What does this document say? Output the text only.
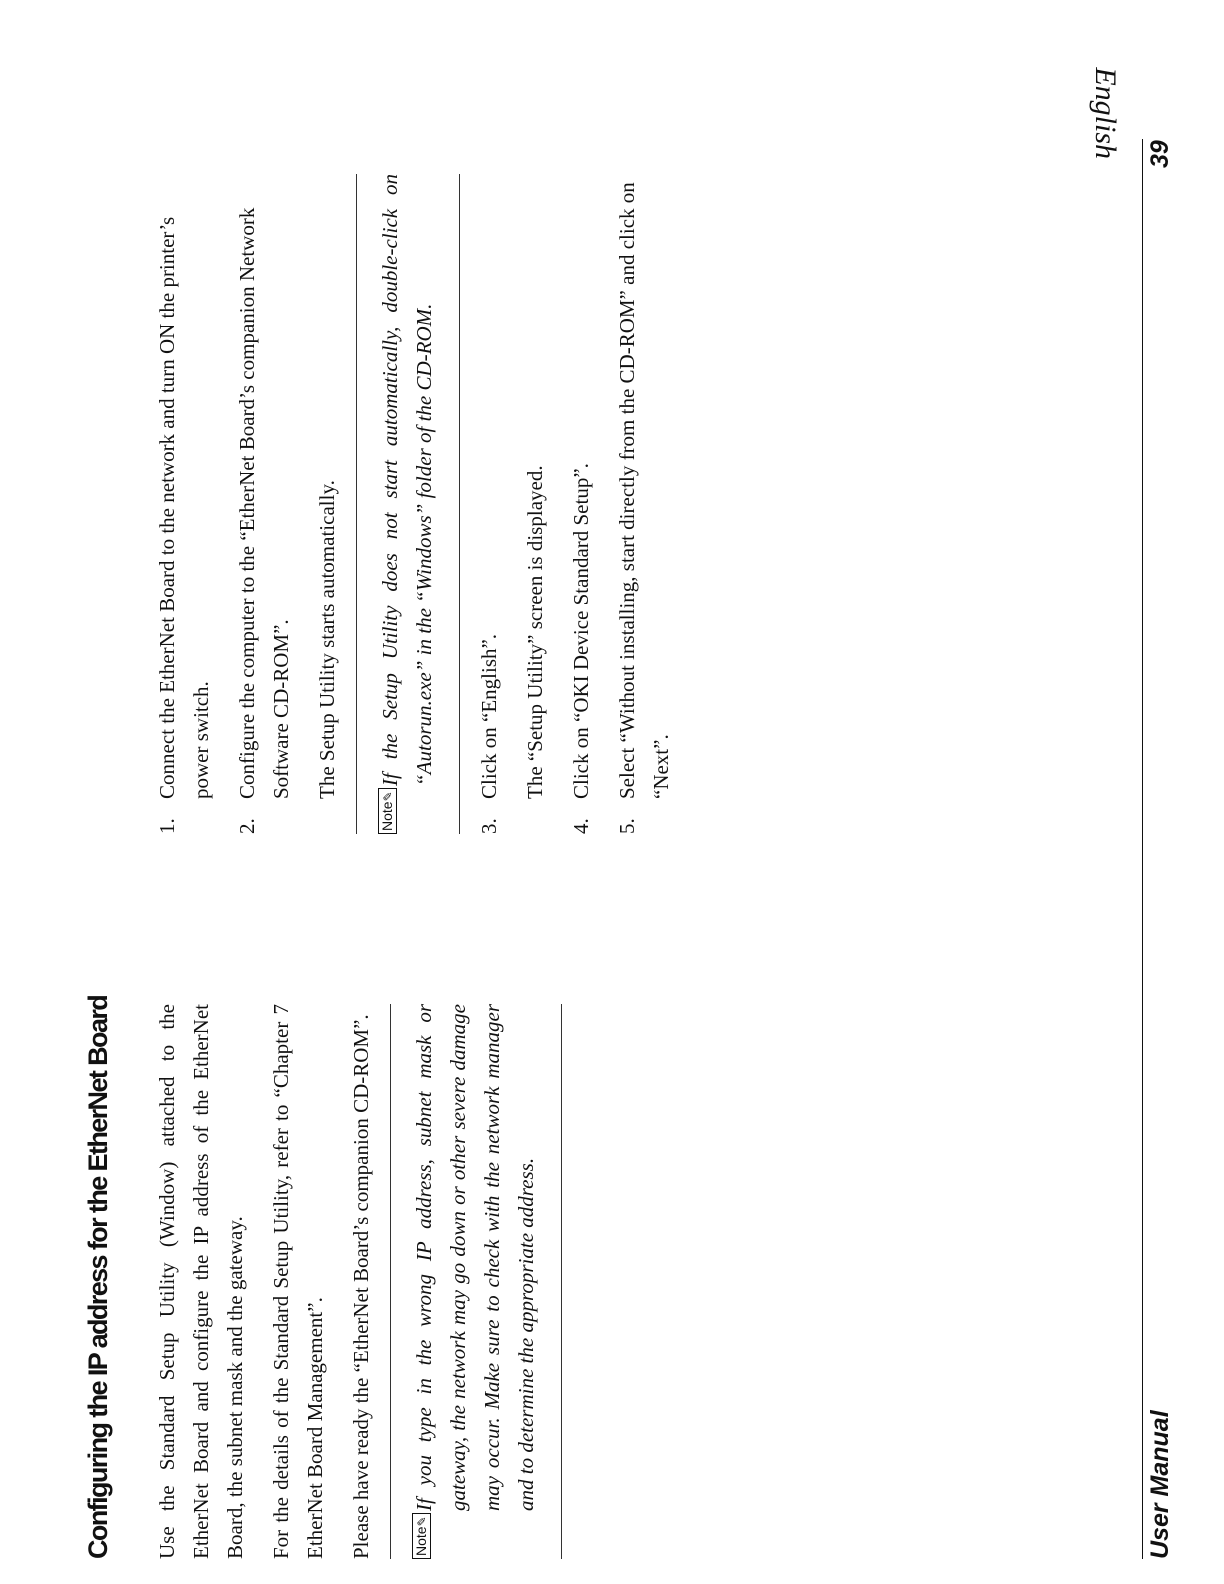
English
Configuring the IP address for the EtherNet Board Use the Standard Setup Utility (Window) attached to the EtherNet Board and configure the IP address of the EtherNet Board, the subnet mask and the gateway. For the details of the Standard Setup Utility, refer to “Chapter 7 EtherNet Board Management”. Please have ready the “EtherNet Board’s companion CD-ROM”.	Note✎

If you type in the wrong IP address, subnet mask or gateway, the network may go down or other severe damage may occur. Make sure to check with the network manager and to determine the appropriate address.

1.
Connect the EtherNet Board to the network and turn ON the printer’s power switch.
2.
Configure the computer to the “EtherNet Board’s companion Network Software CD-ROM”. The Setup Utility starts automatically.

Note✎

If the Setup Utility does not start automatically, double-click on “Autorun.exe” in the “Windows” folder of the CD-ROM.

3.
Click on “English”. The “Setup Utility” screen is displayed.

4.
Click on “OKI Device Standard Setup”.
5.
Select “Without installing, start directly from the CD-ROM” and click on “Next”.
User Manual
39
